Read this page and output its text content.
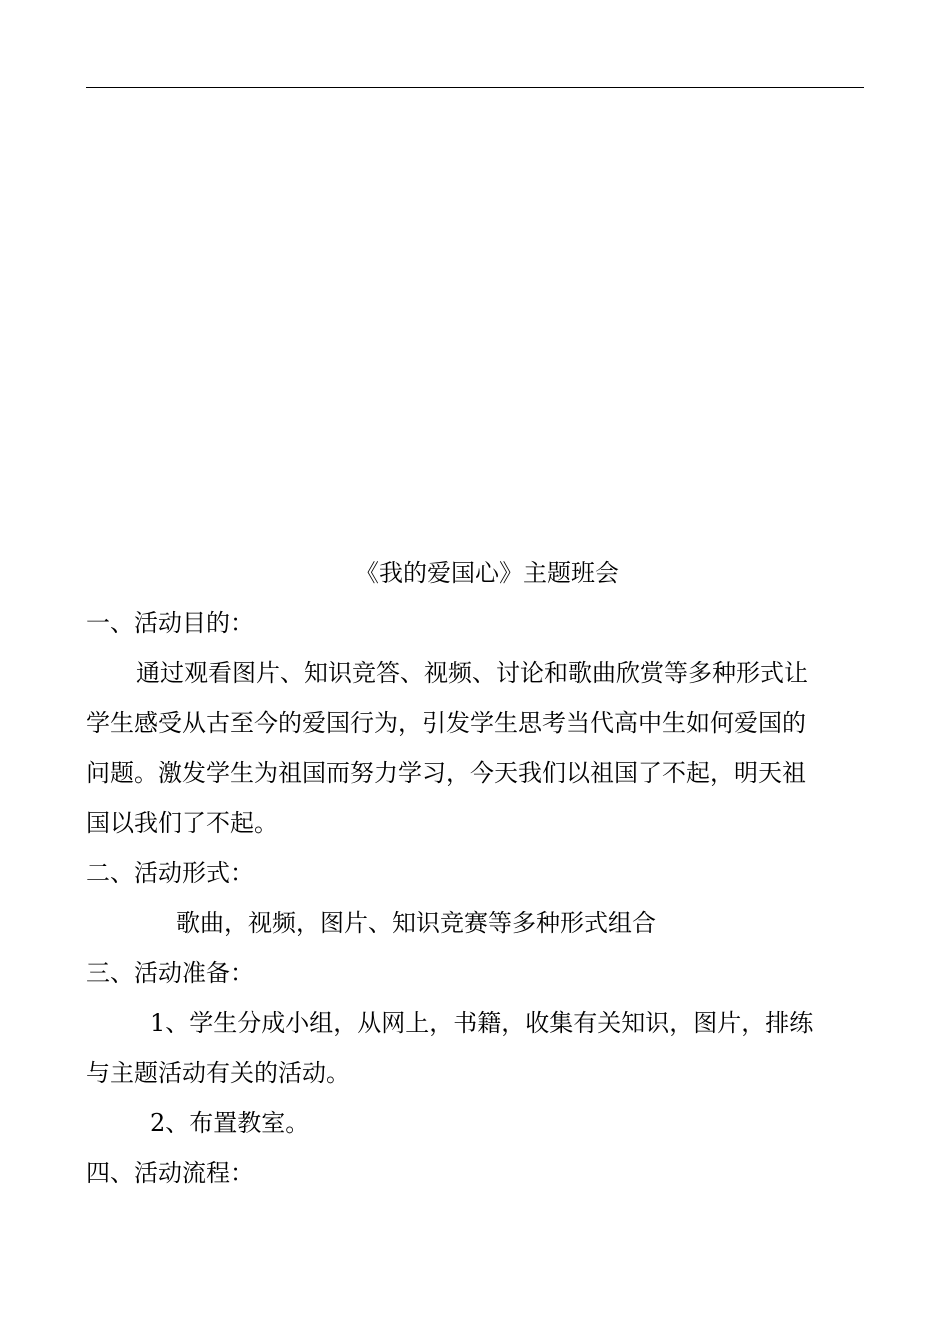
《我的爱国心》主题班会
一、活动目的：
通过观看图片、知识竞答、视频、讨论和歌曲欣赏等多种形式让
学生感受从古至今的爱国行为，引发学生思考当代高中生如何爱国的
问题。激发学生为祖国而努力学习，今天我们以祖国了不起，明天祖
国以我们了不起。
二、活动形式：
歌曲，视频，图片、知识竞赛等多种形式组合
三、活动准备：
1、学生分成小组，从网上，书籍，收集有关知识，图片，排练
与主题活动有关的活动。
2、布置教室。
四、活动流程：
